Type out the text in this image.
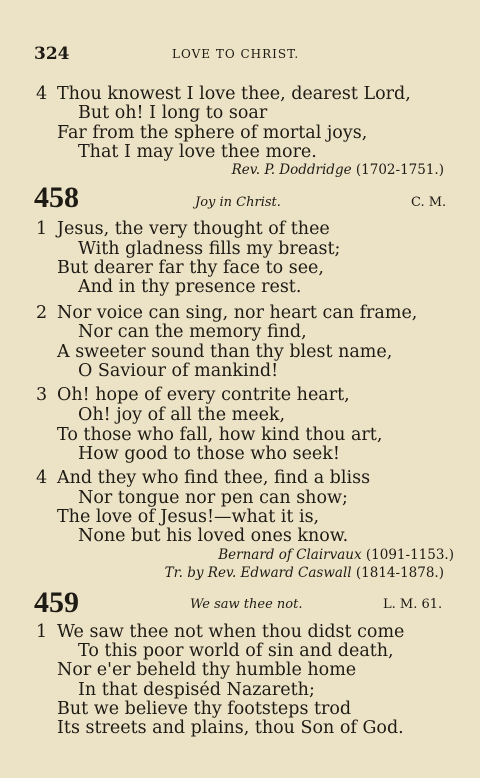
324	LOVE TO CHRIST.
4 Thou knowest I love thee, dearest Lord,
But oh! I long to soar
Far from the sphere of mortal joys,
That I may love thee more.
Rev. P. Doddridge (1702-1751.)
458	Joy in Christ.	C. M.
1 Jesus, the very thought of thee
With gladness fills my breast;
But dearer far thy face to see,
And in thy presence rest.
2 Nor voice can sing, nor heart can frame,
Nor can the memory find,
A sweeter sound than thy blest name,
O Saviour of mankind!
3 Oh! hope of every contrite heart,
Oh! joy of all the meek,
To those who fall, how kind thou art,
How good to those who seek!
4 And they who find thee, find a bliss
Nor tongue nor pen can show;
The love of Jesus!—what it is,
None but his loved ones know.
Bernard of Clairvaux (1091-1153.)
Tr. by Rev. Edward Caswall (1814-1878.)
459	We saw thee not.	L. M. 61.
1 We saw thee not when thou didst come
To this poor world of sin and death,
Nor e'er beheld thy humble home
In that despiséd Nazareth;
But we believe thy footsteps trod
Its streets and plains, thou Son of God.
